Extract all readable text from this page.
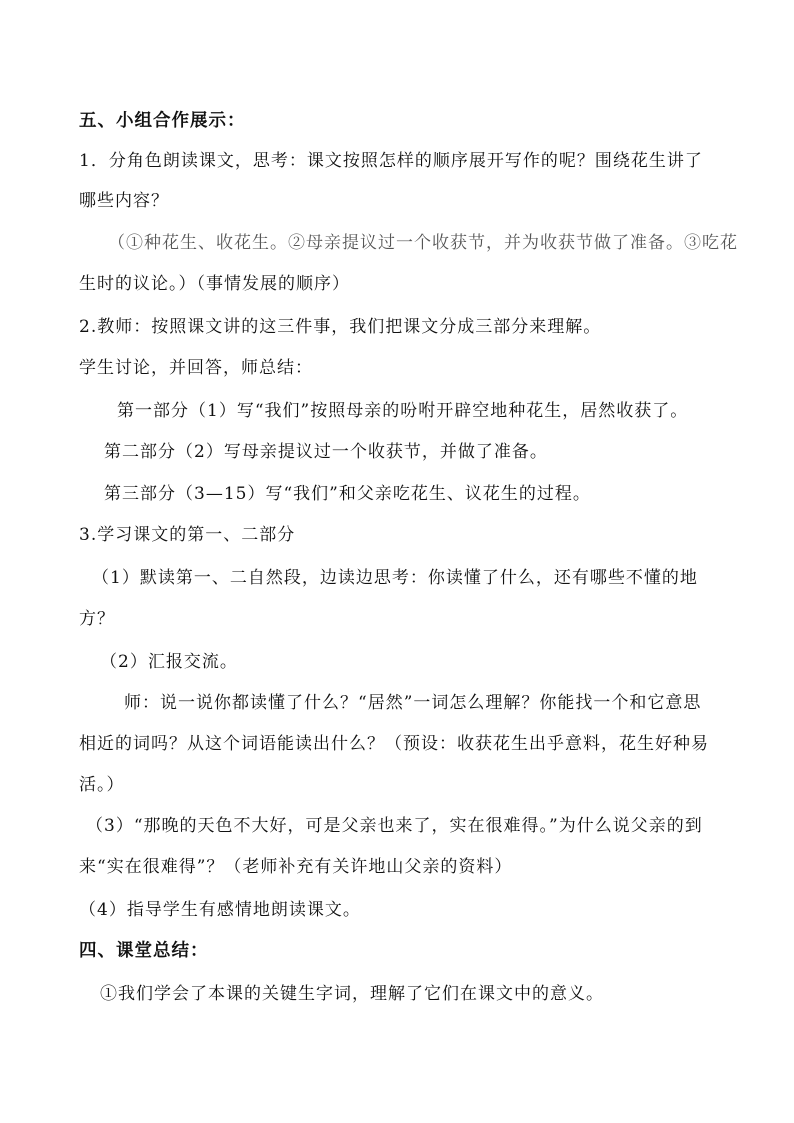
五、小组合作展示：
1．分角色朗读课文，思考：课文按照怎样的顺序展开写作的呢？围绕花生讲了
哪些内容？
（①种花生、收花生。②母亲提议过一个收获节，并为收获节做了准备。③吃花
生时的议论。）（事情发展的顺序）
2.教师：按照课文讲的这三件事，我们把课文分成三部分来理解。
学生讨论，并回答，师总结：
第一部分（1）写“我们”按照母亲的吩咐开辟空地种花生，居然收获了。
第二部分（2）写母亲提议过一个收获节，并做了准备。
第三部分（3—15）写“我们”和父亲吃花生、议花生的过程。
3.学习课文的第一、二部分
（1）默读第一、二自然段，边读边思考：你读懂了什么，还有哪些不懂的地
方？
（2）汇报交流。
师：说一说你都读懂了什么？“居然”一词怎么理解？你能找一个和它意思
相近的词吗？从这个词语能读出什么？（预设：收获花生出乎意料，花生好种易
活。）
（3）“那晚的天色不大好，可是父亲也来了，实在很难得。”为什么说父亲的到
来“实在很难得”？（老师补充有关许地山父亲的资料）
（4）指导学生有感情地朗读课文。
四、课堂总结：
①我们学会了本课的关键生字词，理解了它们在课文中的意义。
